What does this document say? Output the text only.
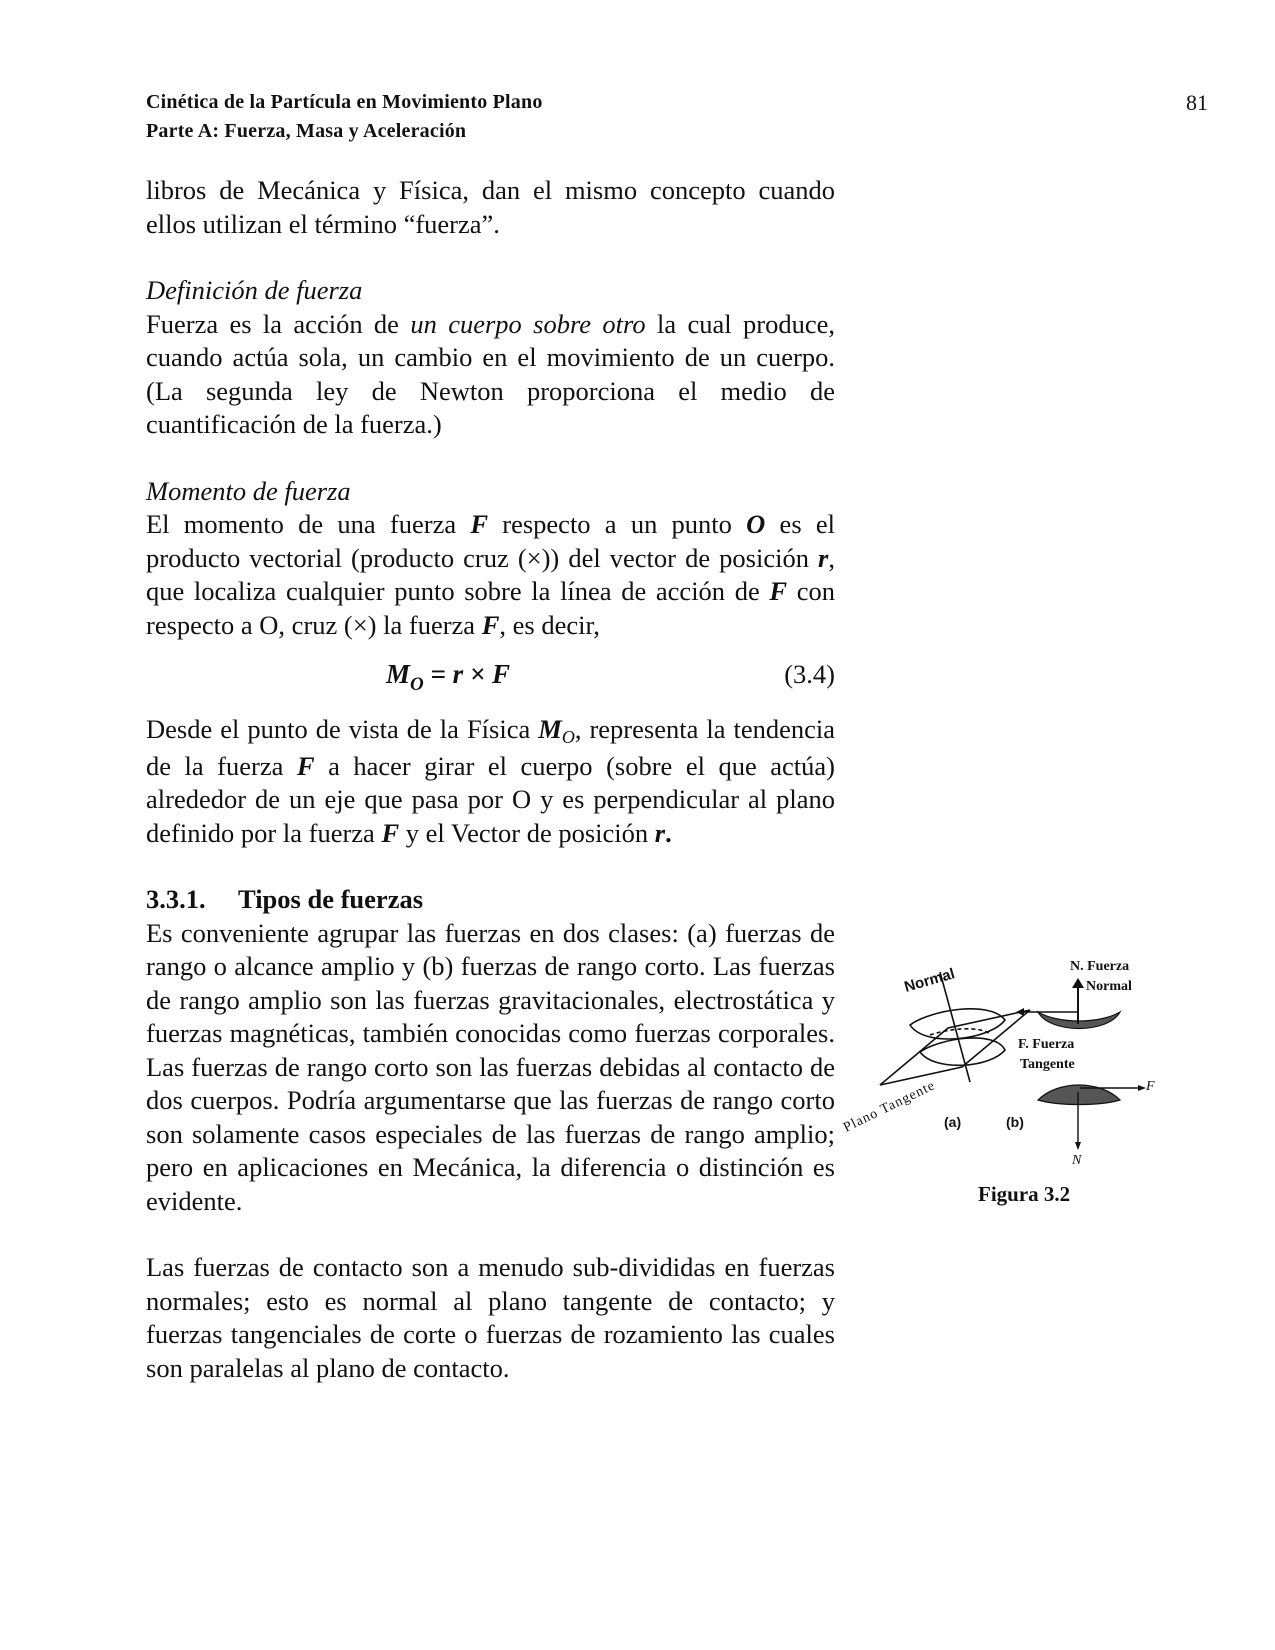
Cinética de la Partícula en Movimiento Plano
Parte A: Fuerza, Masa y Aceleración
81

libros de Mecánica y Física, dan el mismo concepto cuando ellos utilizan el término “fuerza”.

Definición de fuerza

Fuerza es la acción de un cuerpo sobre otro la cual produce, cuando actúa sola, un cambio en el movimiento de un cuerpo. (La segunda ley de Newton proporciona el medio de cuantificación de la fuerza.)

Momento de fuerza

El momento de una fuerza F respecto a un punto O es el producto vectorial (producto cruz (×)) del vector de posición r, que localiza cualquier punto sobre la línea de acción de F con respecto a O, cruz (×) la fuerza F, es decir,

$M_O = r \times F$	(3.4)

Desde el punto de vista de la Física MO, representa la tendencia de la fuerza F a hacer girar el cuerpo (sobre el que actúa) alrededor de un eje que pasa por O y es perpendicular al plano definido por la fuerza F y el Vector de posición r.

3.3.1. Tipos de fuerzas

Es conveniente agrupar las fuerzas en dos clases: (a) fuerzas de rango o alcance amplio y (b) fuerzas de rango corto. Las fuerzas de rango amplio son las fuerzas gravitacionales, electrostática y fuerzas magnéticas, también conocidas como fuerzas corporales. Las fuerzas de rango corto son las fuerzas debidas al contacto de dos cuerpos. Podría argumentarse que las fuerzas de rango corto son solamente casos especiales de las fuerzas de rango amplio; pero en aplicaciones en Mecánica, la diferencia o distinción es evidente.

Las fuerzas de contacto son a menudo sub-divididas en fuerzas normales; esto es normal al plano tangente de contacto; y fuerzas tangenciales de corte o fuerzas de rozamiento las cuales son paralelas al plano de contacto.

Normal
Plano Tangente (a)	(b)
N. Fuerza
Normal
F. Fuerza
Tangente
F
N
Figura 3.2
